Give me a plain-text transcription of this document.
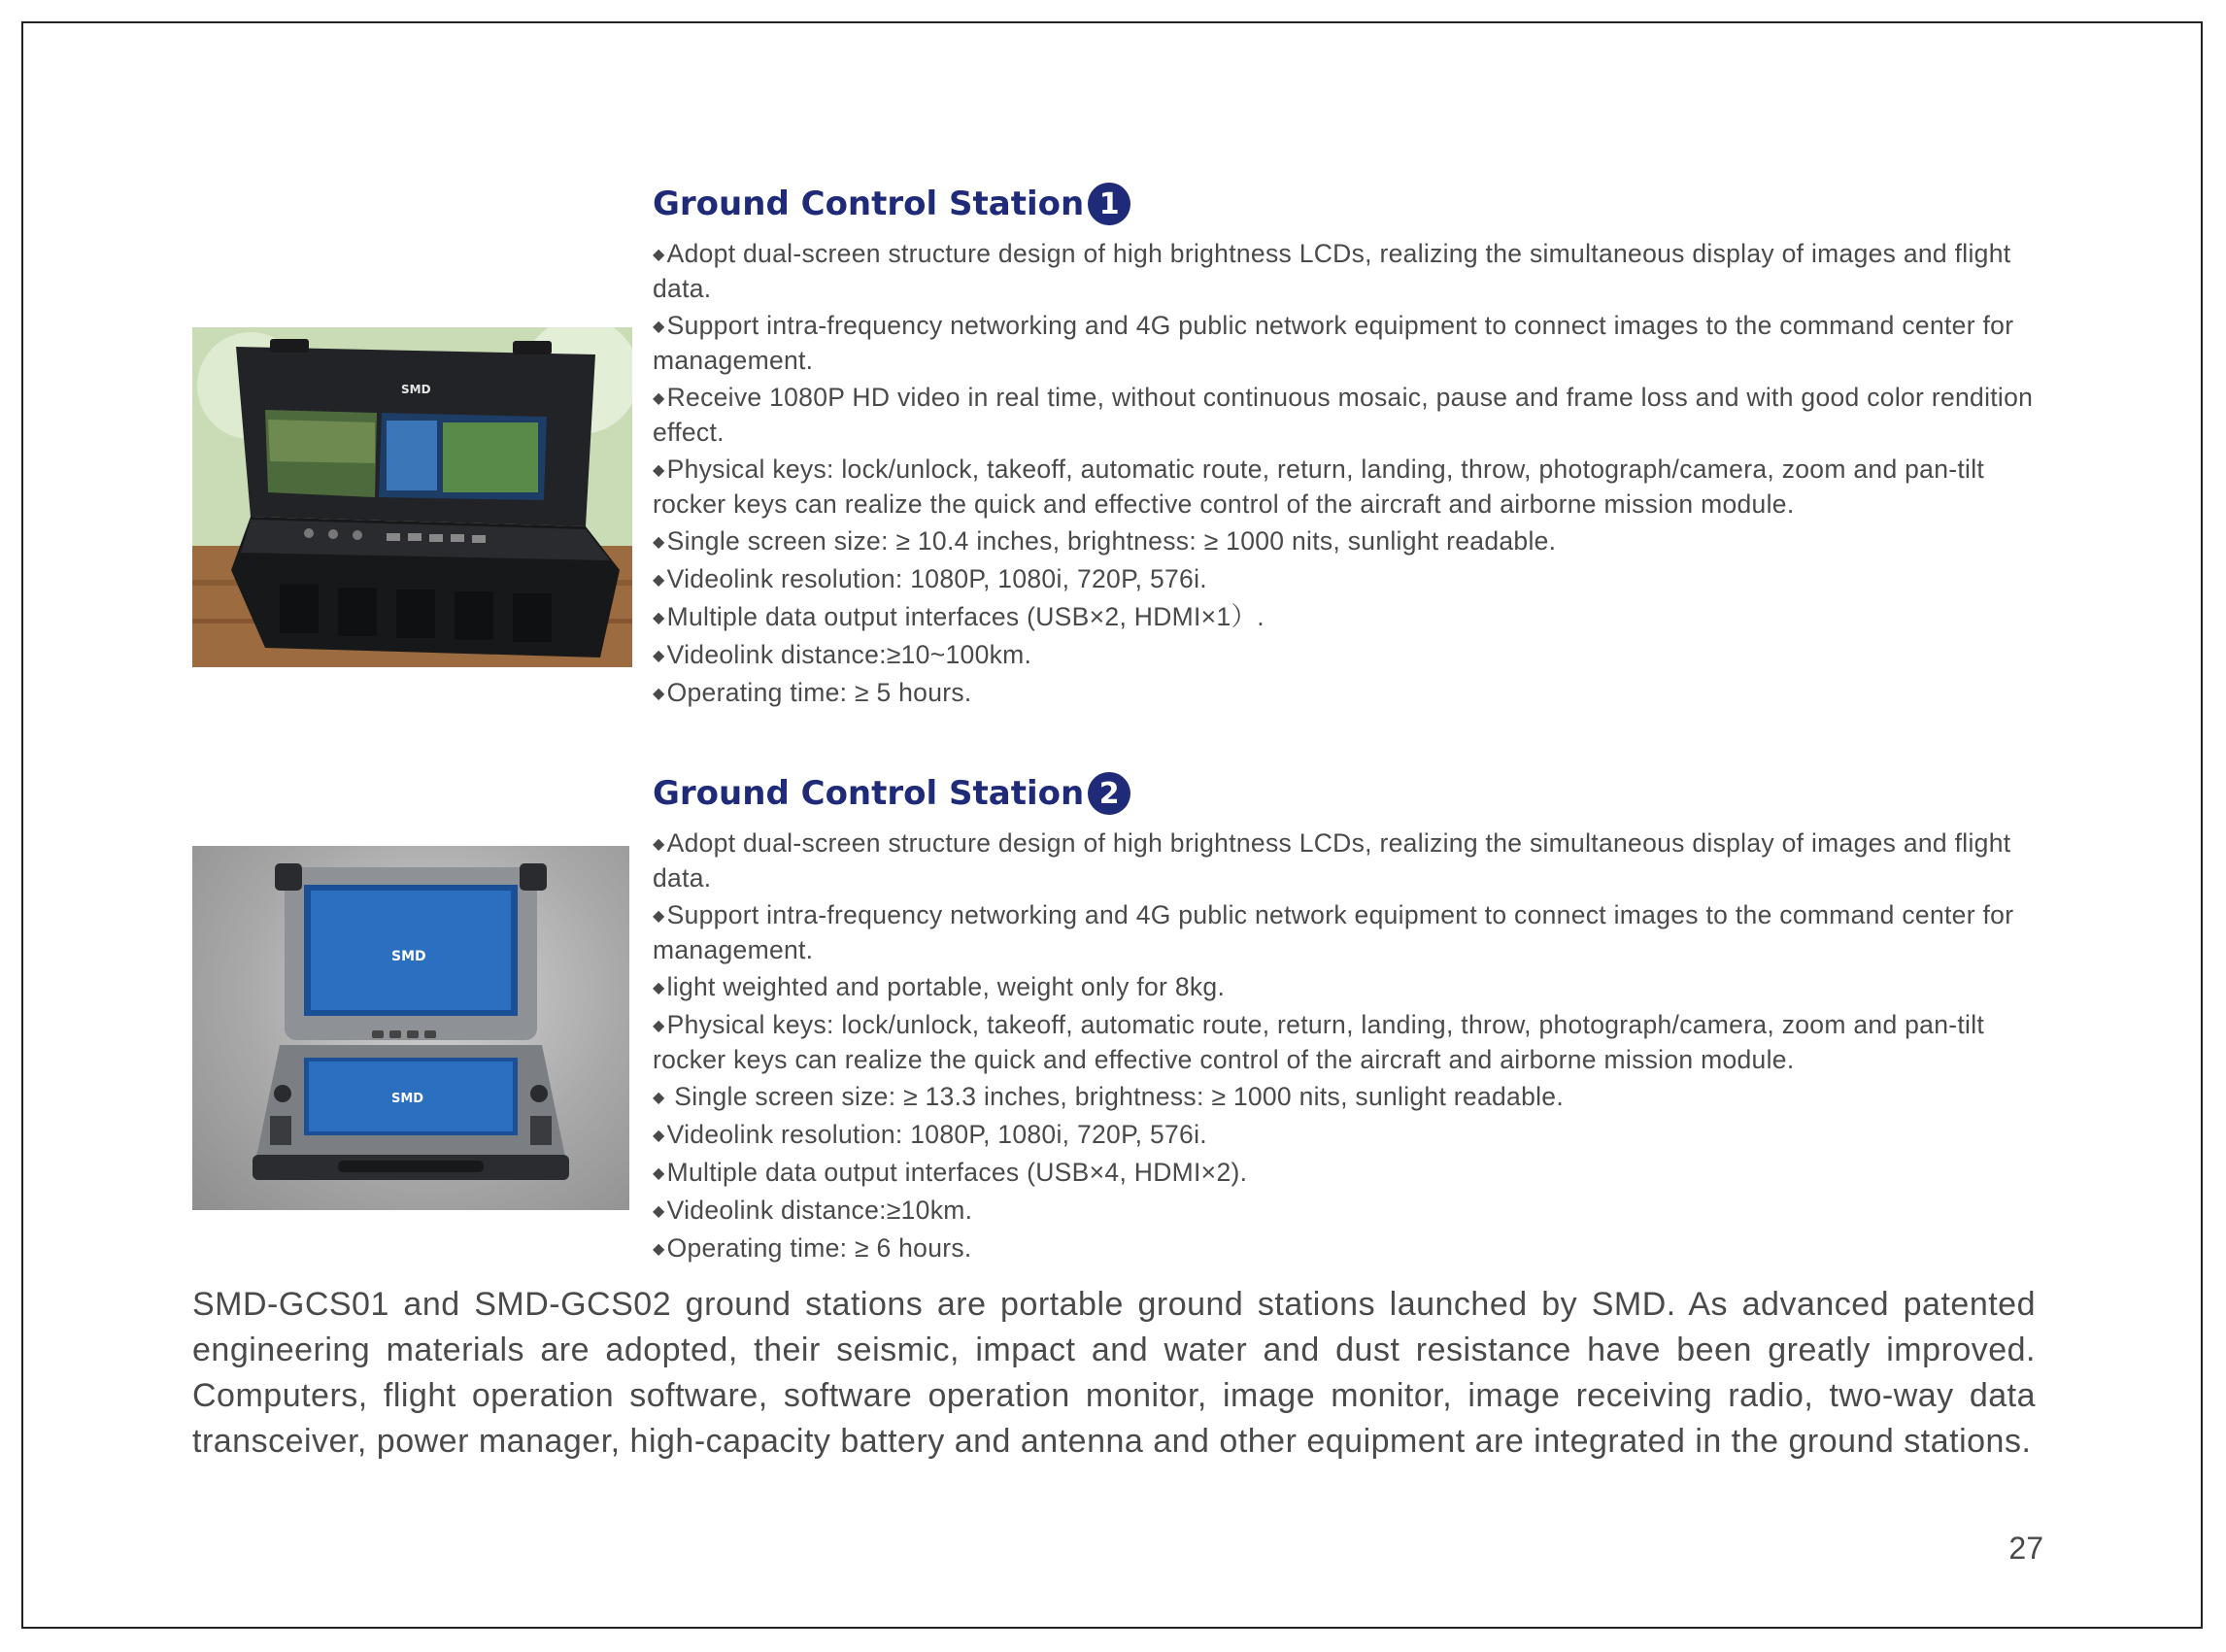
Ground Control Station 1
◆Adopt dual-screen structure design of high brightness LCDs, realizing the simultaneous display of images and flight data.
◆Support intra-frequency networking and 4G public network equipment to connect images to the command center for management.
◆Receive 1080P HD video in real time, without continuous mosaic, pause and frame loss and with good color rendition effect.
◆Physical keys: lock/unlock, takeoff, automatic route, return, landing, throw, photograph/camera, zoom and pan-tilt rocker keys can realize the quick and effective control of the aircraft and airborne mission module.
◆Single screen size: ≥ 10.4 inches, brightness: ≥ 1000 nits, sunlight readable.
◆Videolink resolution: 1080P, 1080i, 720P, 576i.
◆Multiple data output interfaces (USB×2, HDMI×1）.
◆Videolink distance:≥10~100km.
◆Operating time: ≥ 5 hours.
SMD
Ground Control Station 2
◆Adopt dual-screen structure design of high brightness LCDs, realizing the simultaneous display of images and flight data.
◆Support intra-frequency networking and 4G public network equipment to connect images to the command center for management.
◆light weighted and portable, weight only for 8kg.
◆Physical keys: lock/unlock, takeoff, automatic route, return, landing, throw, photograph/camera, zoom and pan-tilt rocker keys can realize the quick and effective control of the aircraft and airborne mission module.
◆ Single screen size: ≥ 13.3 inches, brightness: ≥ 1000 nits, sunlight readable.
◆Videolink resolution: 1080P, 1080i, 720P, 576i.
◆Multiple data output interfaces (USB×4, HDMI×2).
◆Videolink distance:≥10km.
◆Operating time: ≥ 6 hours.
SMD
SMD
SMD-GCS01 and SMD-GCS02 ground stations are portable ground stations launched by SMD. As advanced patented engineering materials are adopted, their seismic, impact and water and dust resistance have been greatly improved. Computers, flight operation software, software operation monitor, image monitor, image receiving radio, two-way data transceiver, power manager, high-capacity battery and antenna and other equipment are integrated in the ground stations.
27
